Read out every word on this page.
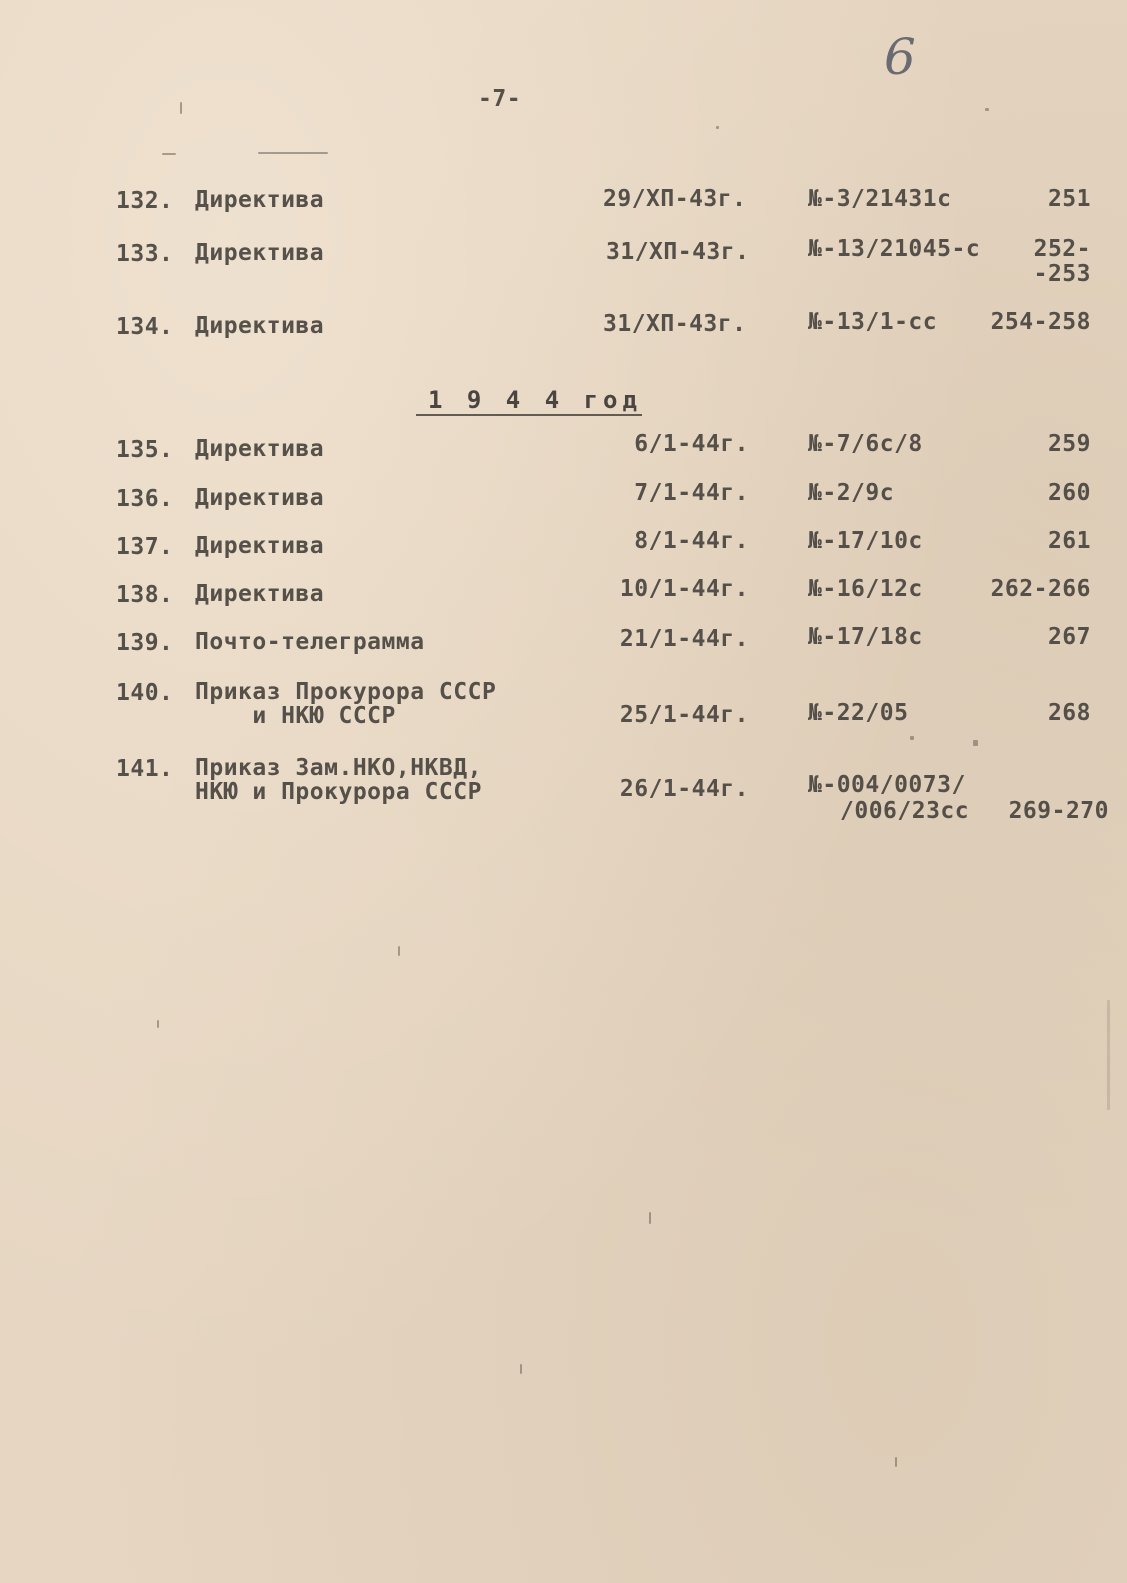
-7-
6
132. Директива	29/ХП-43г.	№-3/21431с	251
133. Директива	31/ХП-43г.	№-13/21045-с 252-
-253
134. Директива	31/ХП-43г.	№-13/1-сс 254-258
1 9 4 4 год
135. Директива	6/1-44г.	№-7/6с/8	259
136. Директива	7/1-44г.	№-2/9с	260
137. Директива	8/1-44г.	№-17/10с	261
138. Директива	10/1-44г.	№-16/12с	262-266
139. Почто-телеграмма	21/1-44г.	№-17/18с	267
140. Приказ Прокурора СССР
и НКЮ СССР	25/1-44г.	№-22/05	268
141. Приказ Зам.НКО,НКВД,
НКЮ и Прокурора СССР	26/1-44г.	№-004/0073/
/006/23сс 269-270
